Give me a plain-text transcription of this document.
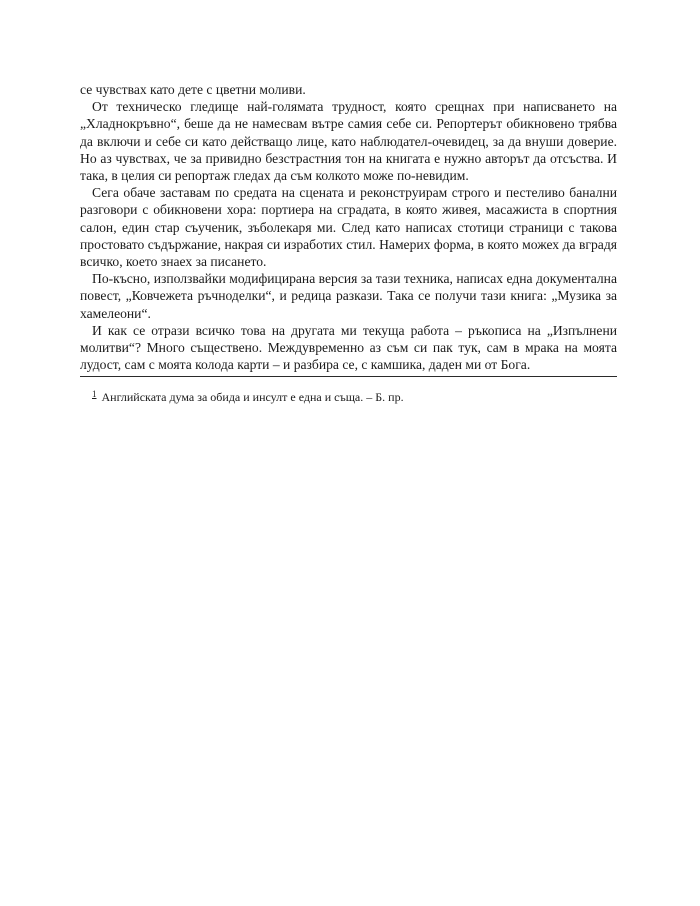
се чувствах като дете с цветни моливи.

От техническо гледище най-голямата трудност, която срещнах при написването на „Хладнокръвно“, беше да не намесвам вътре самия себе си. Репортерът обикновено трябва да включи и себе си като действащо лице, като наблюдател-очевидец, за да внуши доверие. Но аз чувствах, че за привидно безстрастния тон на книгата е нужно авторът да отсъства. И така, в целия си репортаж гледах да съм колкото може по-невидим.

Сега обаче заставам по средата на сцената и реконструирам строго и пестеливо банални разговори с обикновени хора: портиера на сградата, в която живея, масажиста в спортния салон, един стар съученик, зъболекаря ми. След като написах стотици страници с такова простовато съдържание, накрая си изработих стил. Намерих форма, в която можех да вградя всичко, което знаех за писането.

По-късно, използвайки модифицирана версия за тази техника, написах една документална повест, „Ковчежета ръчноделки“, и редица разкази. Така се получи тази книга: „Музика за хамелеони“.

И как се отрази всичко това на другата ми текуща работа – ръкописа на „Изпълнени молитви“? Много съществено. Междувременно аз съм си пак тук, сам в мрака на моята лудост, сам с моята колода карти – и разбира се, с камшика, даден ми от Бога.

$^1$ Английската дума за обида и инсулт е една и съща. – Б. пр.
